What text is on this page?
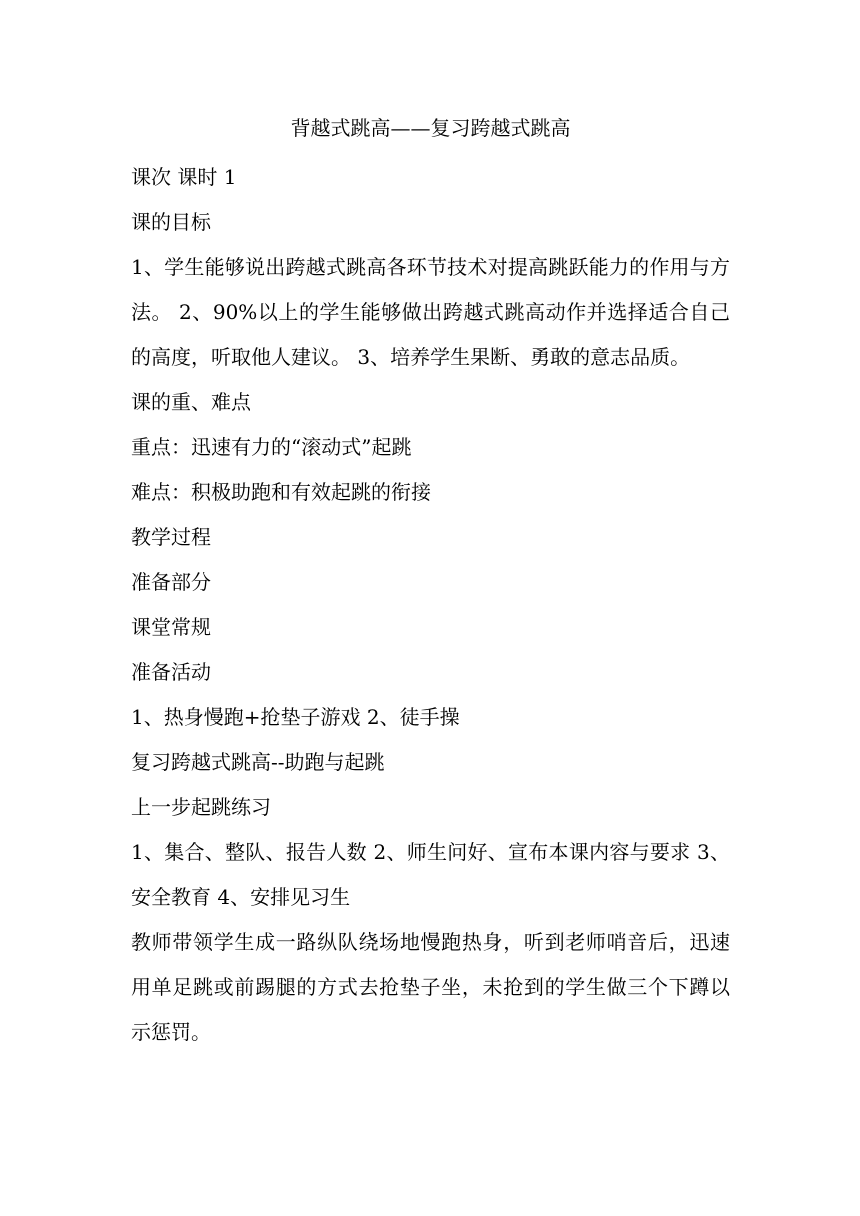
背越式跳高——复习跨越式跳高

课次 课时 1

课的目标

1、学生能够说出跨越式跳高各环节技术对提高跳跃能力的作用与方法。 2、90%以上的学生能够做出跨越式跳高动作并选择适合自己的高度，听取他人建议。 3、培养学生果断、勇敢的意志品质。

课的重、难点

重点：迅速有力的“滚动式”起跳

难点：积极助跑和有效起跳的衔接

教学过程

准备部分

课堂常规

准备活动

1、热身慢跑+抢垫子游戏 2、徒手操

复习跨越式跳高--助跑与起跳

上一步起跳练习

1、集合、整队、报告人数 2、师生问好、宣布本课内容与要求 3、安全教育 4、安排见习生

教师带领学生成一路纵队绕场地慢跑热身，听到老师哨音后，迅速用单足跳或前踢腿的方式去抢垫子坐，未抢到的学生做三个下蹲以示惩罚。
